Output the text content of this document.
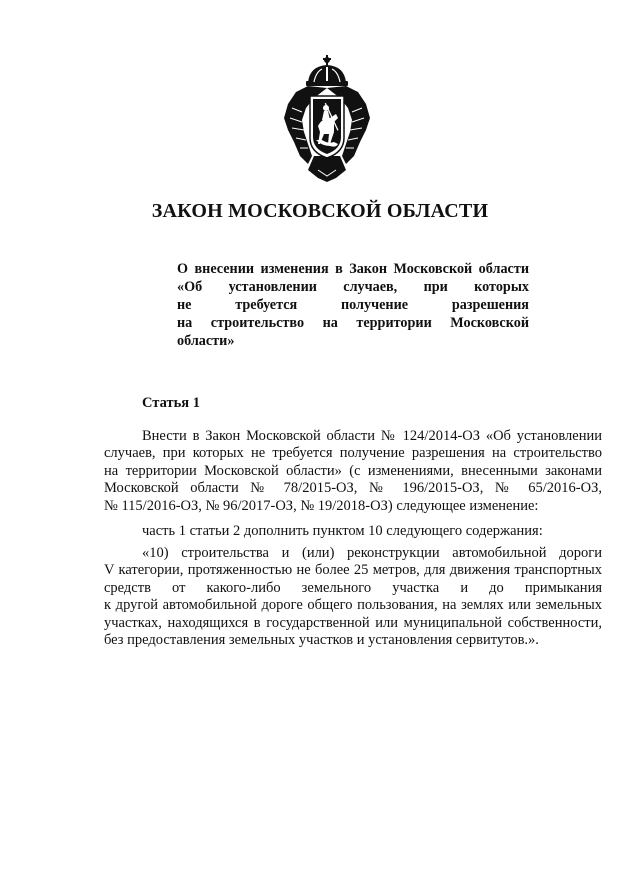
ЗАКОН МОСКОВСКОЙ ОБЛАСТИ
О внесении изменения в Закон Московской области
«Об установлении случаев, при которых
не требуется получение разрешения
на строительство на территории Московской
области»
Статья 1
Внести в Закон Московской области № 124/2014-ОЗ «Об установлении
случаев, при которых не требуется получение разрешения на строительство
на территории Московской области» (с изменениями, внесенными законами
Московской области № 78/2015-ОЗ, № 196/2015-ОЗ, № 65/2016-ОЗ,
№ 115/2016-ОЗ, № 96/2017-ОЗ, № 19/2018-ОЗ) следующее изменение:
часть 1 статьи 2 дополнить пунктом 10 следующего содержания:
«10) строительства и (или) реконструкции автомобильной дороги
V категории, протяженностью не более 25 метров, для движения транспортных
средств от какого-либо земельного участка и до примыкания
к другой автомобильной дороге общего пользования, на землях или земельных
участках, находящихся в государственной или муниципальной собственности,
без предоставления земельных участков и установления сервитутов.».
